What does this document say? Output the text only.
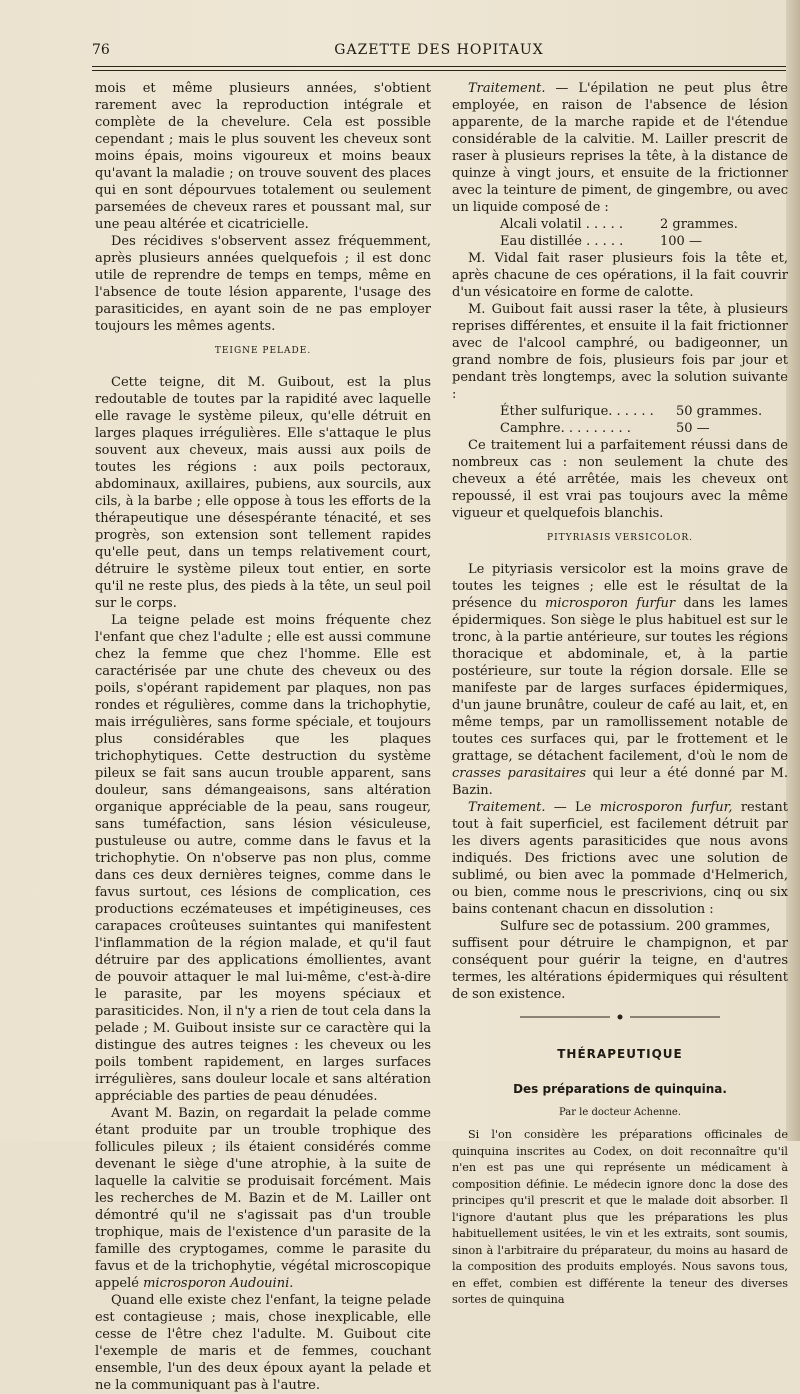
76	GAZETTE DES HOPITAUX

mois et même plusieurs années, s'obtient rarement avec la reproduction intégrale et complète de la chevelure. Cela est possible cependant ; mais le plus souvent les cheveux sont moins épais, moins vigoureux et moins beaux qu'avant la maladie ; on trouve souvent des places qui en sont dépourvues totalement ou seulement parsemées de cheveux rares et poussant mal, sur une peau altérée et cicatricielle.

Des récidives s'observent assez fréquemment, après plusieurs années quelquefois ; il est donc utile de reprendre de temps en temps, même en l'absence de toute lésion apparente, l'usage des parasiticides, en ayant soin de ne pas employer toujours les mêmes agents.

TEIGNE PELADE.

Cette teigne, dit M. Guibout, est la plus redoutable de toutes par la rapidité avec laquelle elle ravage le système pileux, qu'elle détruit en larges plaques irrégulières. Elle s'attaque le plus souvent aux cheveux, mais aussi aux poils de toutes les régions : aux poils pectoraux, abdominaux, axillaires, pubiens, aux sourcils, aux cils, à la barbe ; elle oppose à tous les efforts de la thérapeutique une désespérante ténacité, et ses progrès, son extension sont tellement rapides qu'elle peut, dans un temps relativement court, détruire le système pileux tout entier, en sorte qu'il ne reste plus, des pieds à la tête, un seul poil sur le corps.

La teigne pelade est moins fréquente chez l'enfant que chez l'adulte ; elle est aussi commune chez la femme que chez l'homme. Elle est caractérisée par une chute des cheveux ou des poils, s'opérant rapidement par plaques, non pas rondes et régulières, comme dans la trichophytie, mais irrégulières, sans forme spéciale, et toujours plus considérables que les plaques trichophytiques. Cette destruction du système pileux se fait sans aucun trouble apparent, sans douleur, sans démangeaisons, sans altération organique appréciable de la peau, sans rougeur, sans tuméfaction, sans lésion vésiculeuse, pustuleuse ou autre, comme dans le favus et la trichophytie. On n'observe pas non plus, comme dans ces deux dernières teignes, comme dans le favus surtout, ces lésions de complication, ces productions eczémateuses et impétigineuses, ces carapaces croûteuses suintantes qui manifestent l'inflammation de la région malade, et qu'il faut détruire par des applications émollientes, avant de pouvoir attaquer le mal lui-même, c'est-à-dire le parasite, par les moyens spéciaux et parasiticides. Non, il n'y a rien de tout cela dans la pelade ; M. Guibout insiste sur ce caractère qui la distingue des autres teignes : les cheveux ou les poils tombent rapidement, en larges surfaces irrégulières, sans douleur locale et sans altération appréciable des parties de peau dénudées.

Avant M. Bazin, on regardait la pelade comme étant produite par un trouble trophique des follicules pileux ; ils étaient considérés comme devenant le siège d'une atrophie, à la suite de laquelle la calvitie se produisait forcément. Mais les recherches de M. Bazin et de M. Lailler ont démontré qu'il ne s'agissait pas d'un trouble trophique, mais de l'existence d'un parasite de la famille des cryptogames, comme le parasite du favus et de la trichophytie, végétal microscopique appelé microsporon Audouini.

Quand elle existe chez l'enfant, la teigne pelade est contagieuse ; mais, chose inexplicable, elle cesse de l'être chez l'adulte. M. Guibout cite l'exemple de maris et de femmes, couchant ensemble, l'un des deux époux ayant la pelade et ne la communiquant pas à l'autre.

Traitement. — L'épilation ne peut plus être employée, en raison de l'absence de lésion apparente, de la marche rapide et de l'étendue considérable de la calvitie. M. Lailler prescrit de raser à plusieurs reprises la tête, à la distance de quinze à vingt jours, et ensuite de la frictionner avec la teinture de piment, de gingembre, ou avec un liquide composé de :

Alcali volatil . . . . .	2 grammes.
Eau distillée . . . . .	100 —

M. Vidal fait raser plusieurs fois la tête et, après chacune de ces opérations, il la fait couvrir d'un vésicatoire en forme de calotte.

M. Guibout fait aussi raser la tête, à plusieurs reprises différentes, et ensuite il la fait frictionner avec de l'alcool camphré, ou badigeonner, un grand nombre de fois, plusieurs fois par jour et pendant très longtemps, avec la solution suivante :

Éther sulfurique. . . . . .	50 grammes.
Camphre. . . . . . . . .	50 —

Ce traitement lui a parfaitement réussi dans de nombreux cas : non seulement la chute des cheveux a été arrêtée, mais les cheveux ont repoussé, il est vrai pas toujours avec la même vigueur et quelquefois blanchis.

PITYRIASIS VERSICOLOR.

Le pityriasis versicolor est la moins grave de toutes les teignes ; elle est le résultat de la présence du microsporon furfur dans les lames épidermiques. Son siège le plus habituel est sur le tronc, à la partie antérieure, sur toutes les régions thoracique et abdominale, et, à la partie postérieure, sur toute la région dorsale. Elle se manifeste par de larges surfaces épidermiques, d'un jaune brunâtre, couleur de café au lait, et, en même temps, par un ramollissement notable de toutes ces surfaces qui, par le frottement et le grattage, se détachent facilement, d'où le nom de crasses parasitaires qui leur a été donné par M. Bazin.

Traitement. — Le microsporon furfur, restant tout à fait superficiel, est facilement détruit par les divers agents parasiticides que nous avons indiqués. Des frictions avec une solution de sublimé, ou bien avec la pommade d'Helmerich, ou bien, comme nous le prescrivions, cinq ou six bains contenant chacun en dissolution :

Sulfure sec de potassium. 200 grammes,

suffisent pour détruire le champignon, et par conséquent pour guérir la teigne, en d'autres termes, les altérations épidermiques qui résultent de son existence.

THÉRAPEUTIQUE
Des préparations de quinquina.
Par le docteur Achenne.

Si l'on considère les préparations officinales de quinquina inscrites au Codex, on doit reconnaître qu'il n'en est pas une qui représente un médicament à composition définie. Le médecin ignore donc la dose des principes qu'il prescrit et que le malade doit absorber. Il l'ignore d'autant plus que les préparations les plus habituellement usitées, le vin et les extraits, sont soumis, sinon à l'arbitraire du préparateur, du moins au hasard de la composition des produits employés. Nous savons tous, en effet, combien est différente la teneur des diverses sortes de quinquina
